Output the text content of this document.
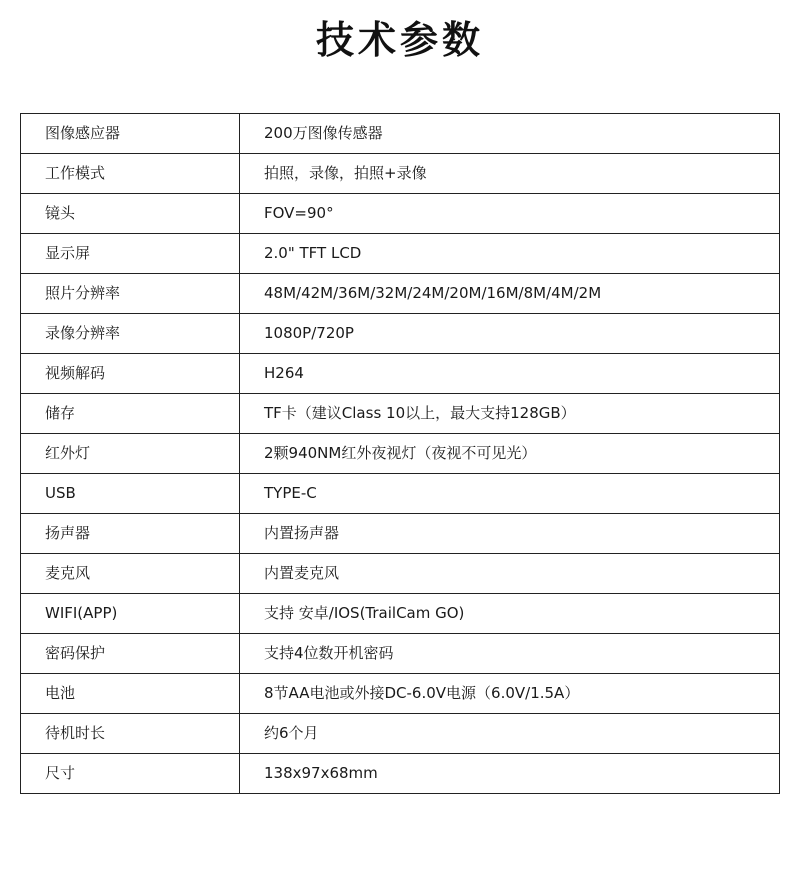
技术参数
图像感应器	200万图像传感器
工作模式	拍照，录像，拍照+录像
镜头	FOV=90°
显示屏	2.0" TFT LCD
照片分辨率	48M/42M/36M/32M/24M/20M/16M/8M/4M/2M
录像分辨率	1080P/720P
视频解码	H264
储存	TF卡（建议Class 10以上，最大支持128GB）
红外灯	2颗940NM红外夜视灯（夜视不可见光）
USB	TYPE-C
扬声器	内置扬声器
麦克风	内置麦克风
WIFI(APP)	支持 安卓/IOS(TrailCam GO)
密码保护	支持4位数开机密码
电池	8节AA电池或外接DC-6.0V电源（6.0V/1.5A）
待机时长	约6个月
尺寸	138x97x68mm
